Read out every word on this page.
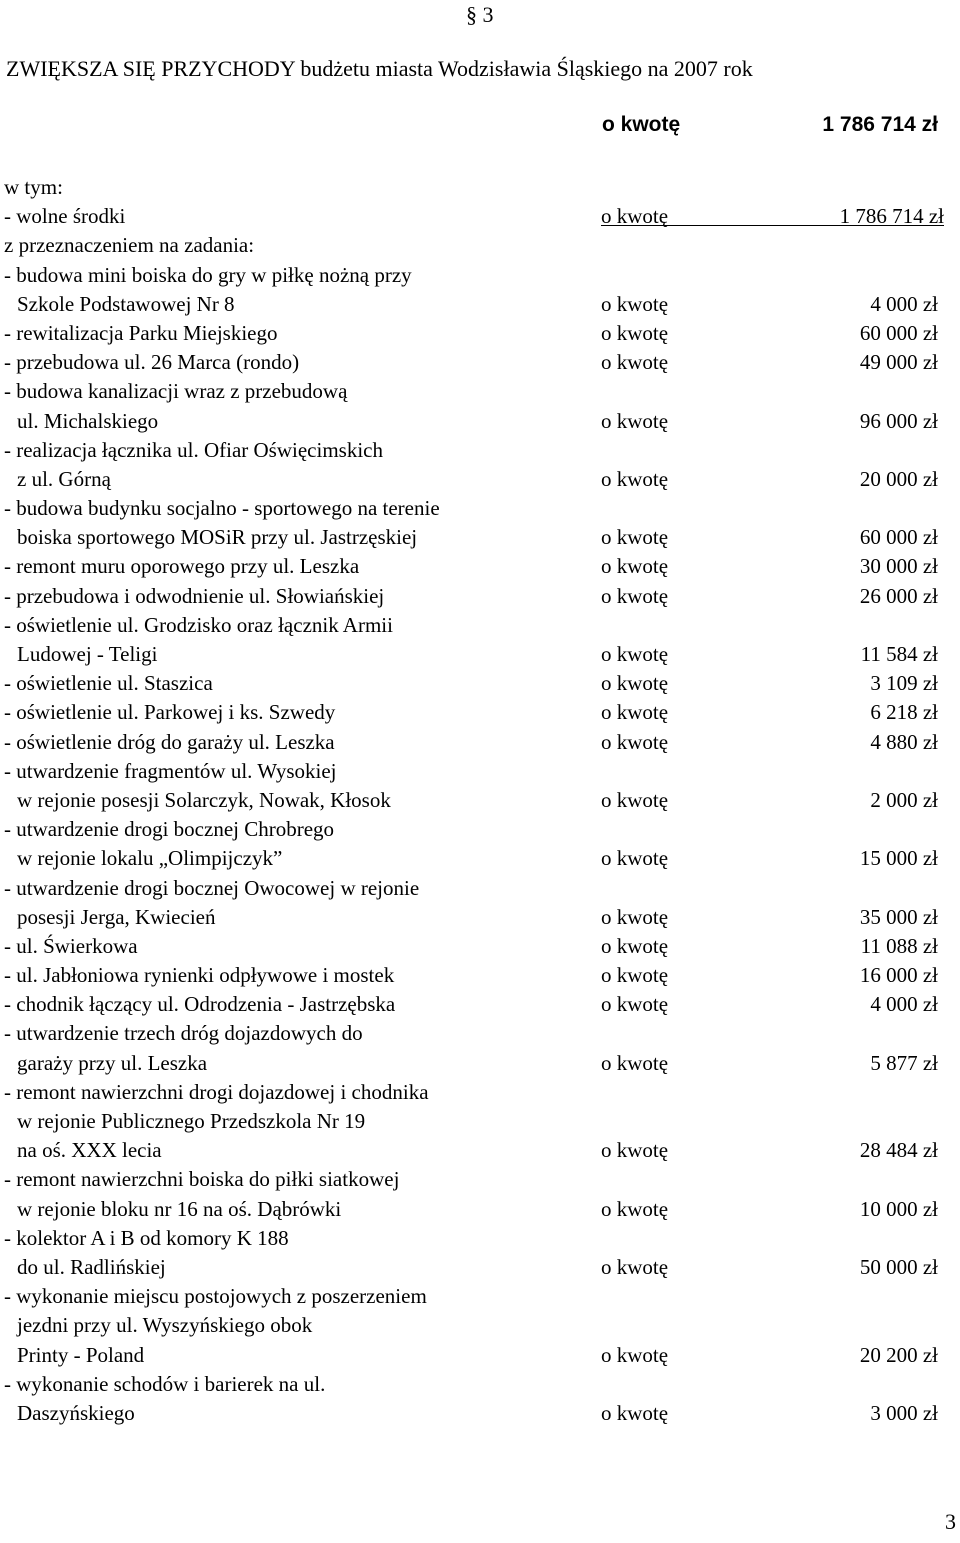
§ 3
ZWIĘKSZA SIĘ PRZYCHODY budżetu miasta Wodzisławia Śląskiego na 2007 rok
o kwotę	1 786 714 zł
w tym:
- wolne środki	o kwotę	1 786 714 zł
z przeznaczeniem na zadania:
- budowa mini boiska do gry w piłkę nożną przy
Szkole Podstawowej Nr 8	o kwotę	4 000 zł
- rewitalizacja Parku Miejskiego	o kwotę	60 000 zł
- przebudowa ul. 26 Marca (rondo)	o kwotę	49 000 zł
- budowa kanalizacji wraz z przebudową
ul. Michalskiego	o kwotę	96 000 zł
- realizacja łącznika ul. Ofiar Oświęcimskich
z ul. Górną	o kwotę	20 000 zł
- budowa budynku socjalno - sportowego na terenie
boiska sportowego MOSiR przy ul. Jastrzęskiej	o kwotę	60 000 zł
- remont muru oporowego przy ul. Leszka	o kwotę	30 000 zł
- przebudowa i odwodnienie ul. Słowiańskiej	o kwotę	26 000 zł
- oświetlenie ul. Grodzisko oraz łącznik Armii
Ludowej - Teligi	o kwotę	11 584 zł
- oświetlenie ul. Staszica	o kwotę	3 109 zł
- oświetlenie ul. Parkowej i ks. Szwedy	o kwotę	6 218 zł
- oświetlenie dróg do garaży ul. Leszka	o kwotę	4 880 zł
- utwardzenie fragmentów ul. Wysokiej
w rejonie posesji Solarczyk, Nowak, Kłosok	o kwotę	2 000 zł
- utwardzenie drogi bocznej Chrobrego
w rejonie lokalu „Olimpijczyk”	o kwotę	15 000 zł
- utwardzenie drogi bocznej Owocowej w rejonie
posesji Jerga, Kwiecień	o kwotę	35 000 zł
- ul. Świerkowa	o kwotę	11 088 zł
- ul. Jabłoniowa rynienki odpływowe i mostek	o kwotę	16 000 zł
- chodnik łączący ul. Odrodzenia - Jastrzębska	o kwotę	4 000 zł
- utwardzenie trzech dróg dojazdowych do
garaży przy ul. Leszka	o kwotę	5 877 zł
- remont nawierzchni drogi dojazdowej i chodnika
w rejonie Publicznego Przedszkola Nr 19
na oś. XXX lecia	o kwotę	28 484 zł
- remont nawierzchni boiska do piłki siatkowej
w rejonie bloku nr 16 na oś. Dąbrówki	o kwotę	10 000 zł
- kolektor A i B od komory K 188
do ul. Radlińskiej	o kwotę	50 000 zł
- wykonanie miejscu postojowych z poszerzeniem
jezdni przy ul. Wyszyńskiego obok
Printy - Poland	o kwotę	20 200 zł
- wykonanie schodów i barierek na ul.
Daszyńskiego	o kwotę	3 000 zł
3
